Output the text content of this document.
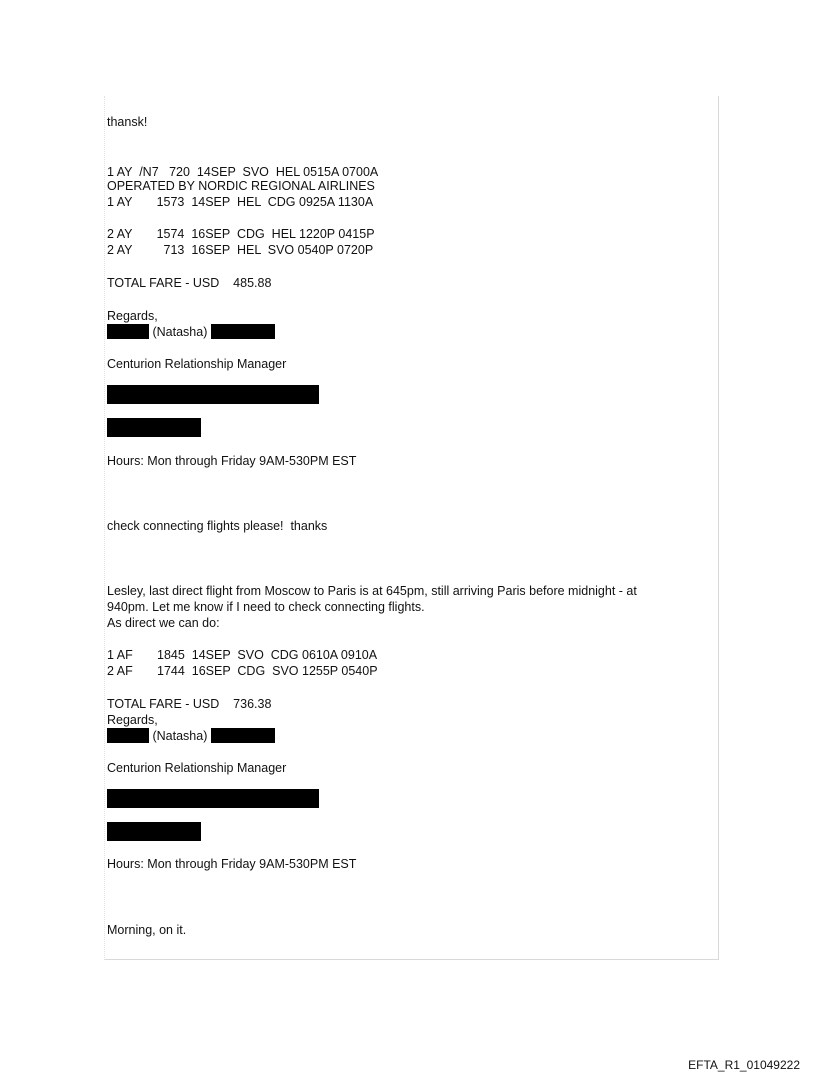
thansk!
1 AY  /N7   720  14SEP  SVO  HEL 0515A 0700A
OPERATED BY NORDIC REGIONAL AIRLINES
1 AY       1573  14SEP  HEL  CDG 0925A 1130A
2 AY       1574  16SEP  CDG  HEL 1220P 0415P
2 AY         713  16SEP  HEL  SVO 0540P 0720P
TOTAL FARE - USD    485.88
Regards,
(Natasha)
Centurion Relationship Manager
Hours: Mon through Friday 9AM-530PM EST
check connecting flights please!  thanks
Lesley, last direct flight from Moscow to Paris is at 645pm, still arriving Paris before midnight - at
940pm. Let me know if I need to check connecting flights.
As direct we can do:
1 AF       1845  14SEP  SVO  CDG 0610A 0910A
2 AF       1744  16SEP  CDG  SVO 1255P 0540P
TOTAL FARE - USD    736.38
Regards,
(Natasha)
Centurion Relationship Manager
Hours: Mon through Friday 9AM-530PM EST
Morning, on it.
EFTA_R1_01049222
